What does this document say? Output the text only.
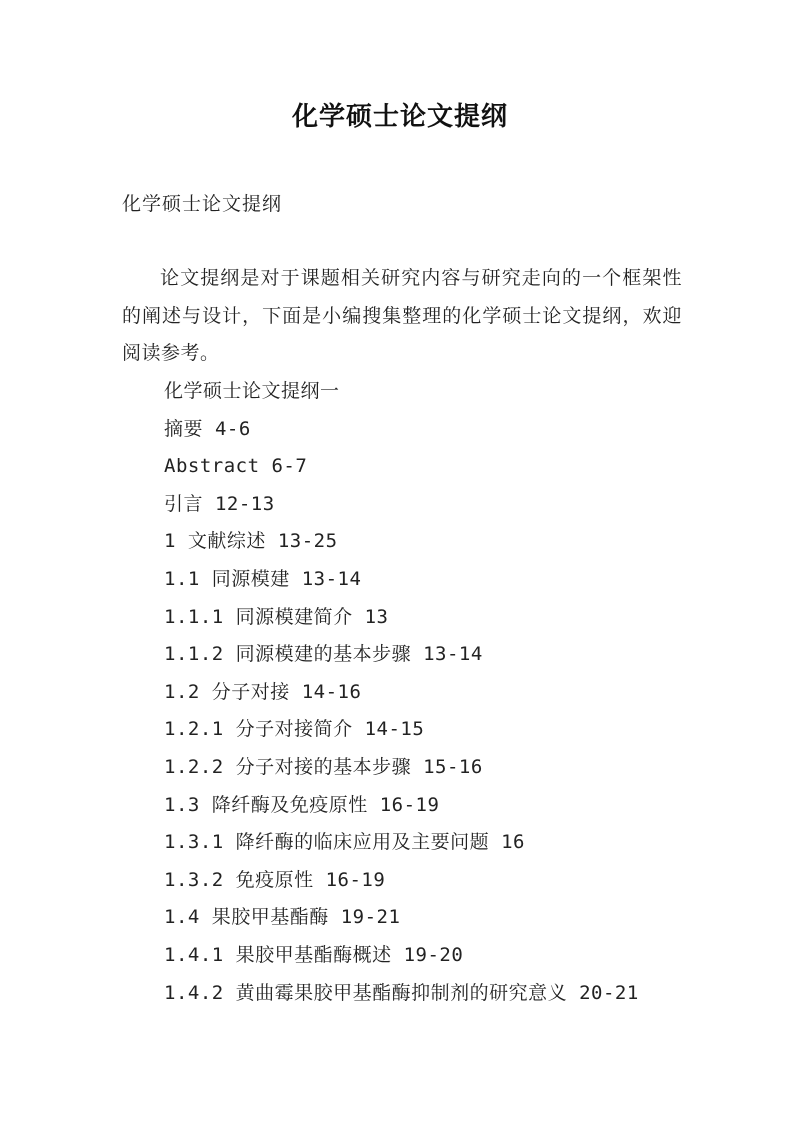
化学硕士论文提纲
化学硕士论文提纲
论文提纲是对于课题相关研究内容与研究走向的一个框架性的阐述与设计，下面是小编搜集整理的化学硕士论文提纲，欢迎阅读参考。
化学硕士论文提纲一
摘要 4-6
Abstract 6-7
引言 12-13
1 文献综述 13-25
1.1 同源模建 13-14
1.1.1 同源模建简介 13
1.1.2 同源模建的基本步骤 13-14
1.2 分子对接 14-16
1.2.1 分子对接简介 14-15
1.2.2 分子对接的基本步骤 15-16
1.3 降纤酶及免疫原性 16-19
1.3.1 降纤酶的临床应用及主要问题 16
1.3.2 免疫原性 16-19
1.4 果胶甲基酯酶 19-21
1.4.1 果胶甲基酯酶概述 19-20
1.4.2 黄曲霉果胶甲基酯酶抑制剂的研究意义 20-21
